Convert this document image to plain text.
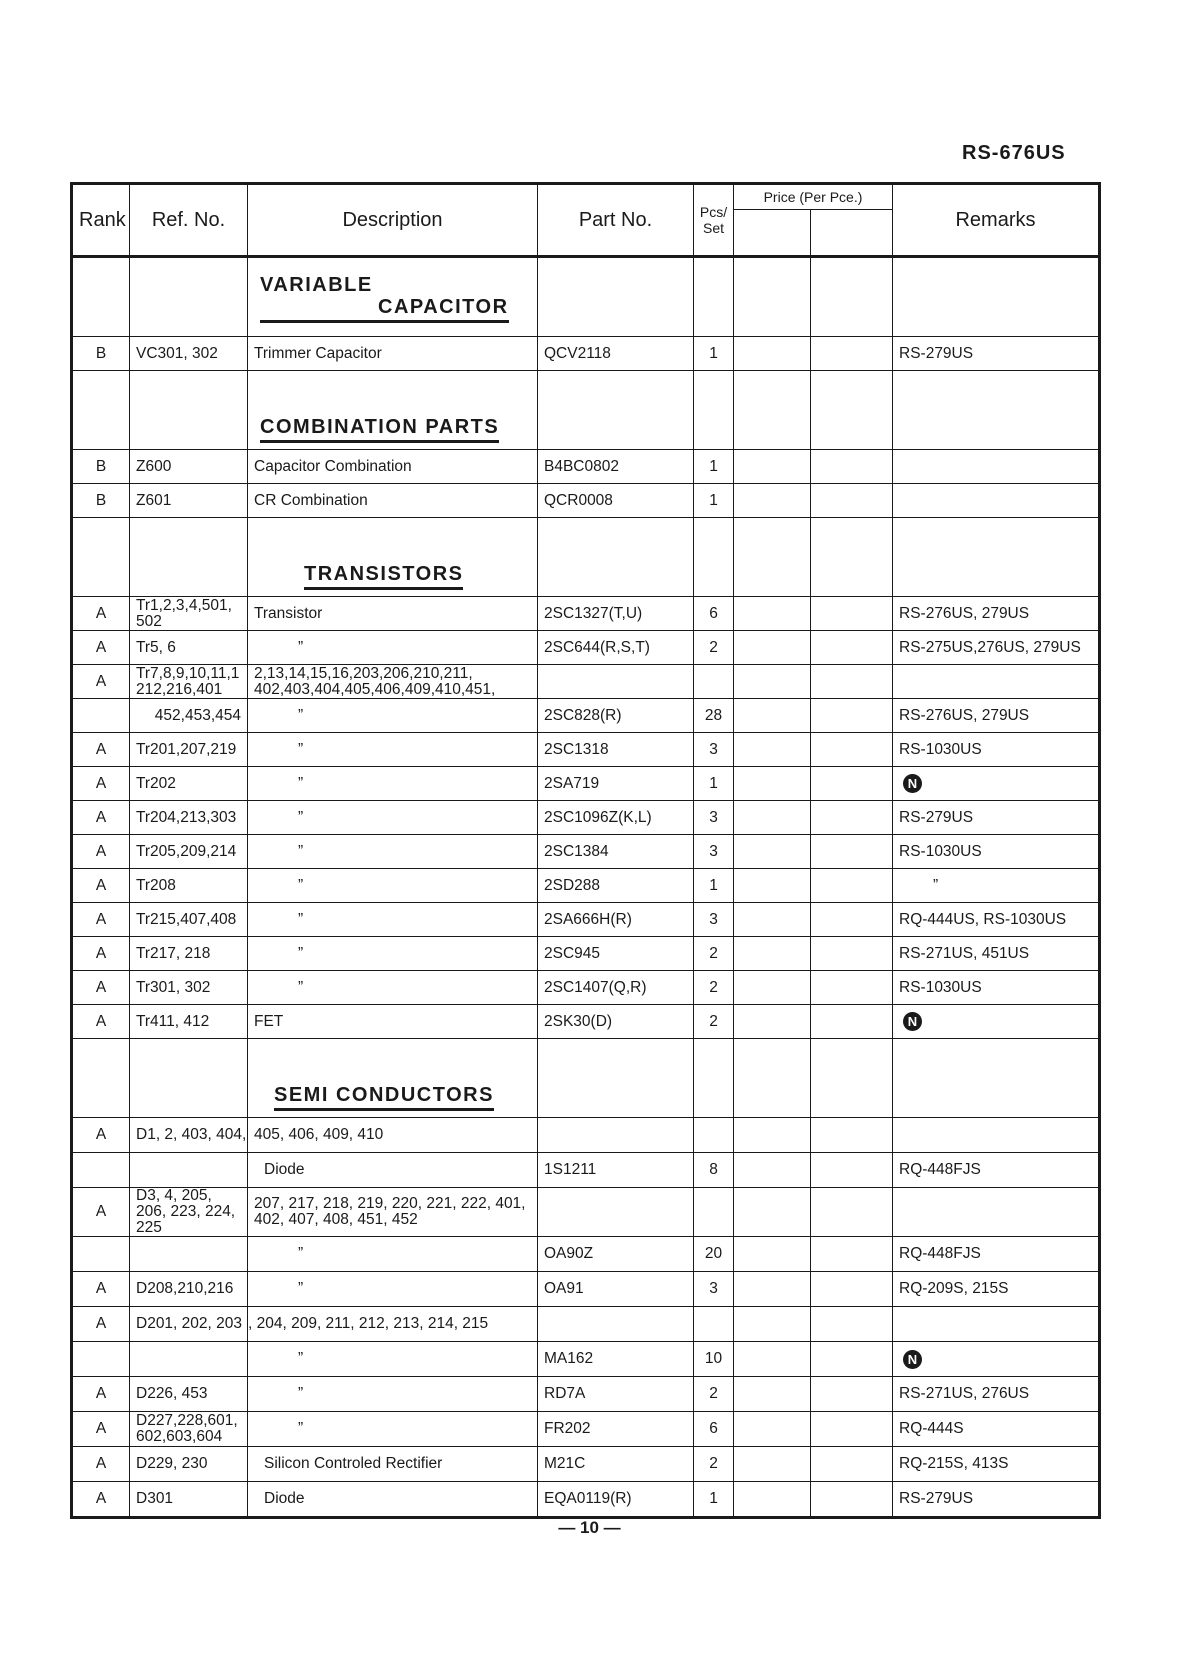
RS-676US
Rank	Ref. No.	Description	Part No.	Pcs/ Set	Price (Per Pce.)		Remarks

		VARIABLE
CAPACITOR					

B	VC301, 302	Trimmer Capacitor	QCV2118	1			RS-279US
		COMBINATION PARTS					
B	Z600	Capacitor Combination	B4BC0802	1			
B	Z601	CR Combination	QCR0008	1			
		TRANSISTORS					
A	Tr1,2,3,4,501, 502	Transistor	2SC1327(T,U)	6			RS-276US, 279US
A	Tr5, 6	”	2SC644(R,S,T)	2			RS-275US,276US, 279US
A	Tr7,8,9,10,11,1 212,216,401	2,13,14,15,16,203,206,210,211, 402,403,404,405,406,409,410,451,					
	452,453,454	”	2SC828(R)	28			RS-276US, 279US
A	Tr201,207,219	”	2SC1318	3			RS-1030US
A	Tr202	”	2SA719	1			N
A	Tr204,213,303	”	2SC1096Z(K,L)	3			RS-279US
A	Tr205,209,214	”	2SC1384	3			RS-1030US
A	Tr208	”	2SD288	1			”
A	Tr215,407,408	”	2SA666H(R)	3			RQ-444US, RS-1030US
A	Tr217, 218	”	2SC945	2			RS-271US, 451US
A	Tr301, 302	”	2SC1407(Q,R)	2			RS-1030US
A	Tr411, 412	FET	2SK30(D)	2			N
		SEMI CONDUCTORS					
A	D1, 2, 403, 404,	405, 406, 409, 410					
		Diode	1S1211	8			RQ-448FJS
A	D3, 4, 205, 206, 223, 224, 225	207, 217, 218, 219, 220, 221, 222, 401, 402, 407, 408, 451, 452					
		”	OA90Z	20			RQ-448FJS
A	D208,210,216	”	OA91	3			RQ-209S, 215S
A	D201, 202, 203	, 204, 209, 211, 212, 213, 214, 215					
		”	MA162	10			N
A	D226, 453	”	RD7A	2			RS-271US, 276US
A	D227,228,601, 602,603,604	”	FR202	6			RQ-444S
A	D229, 230	Silicon Controled Rectifier	M21C	2			RQ-215S, 413S
A	D301	Diode	EQA0119(R)	1			RS-279US
— 10 —
